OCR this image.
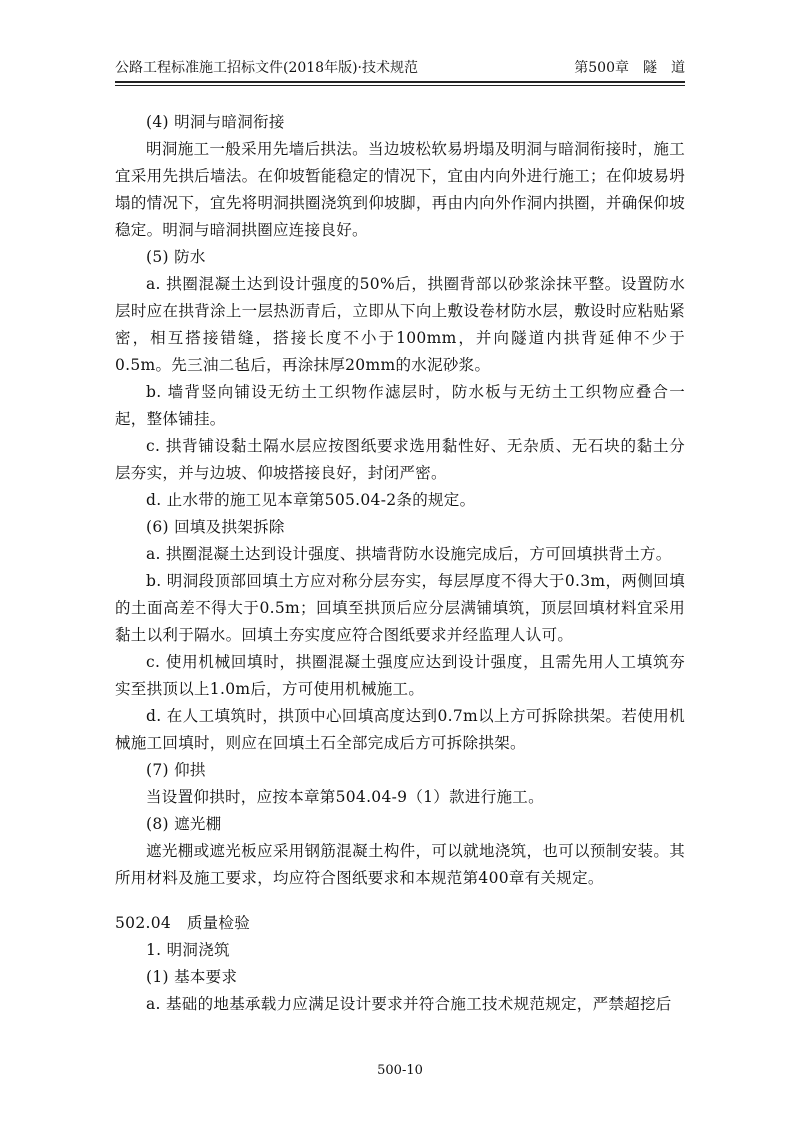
公路工程标准施工招标文件(2018年版)·技术规范	第500章　隧　道

(4) 明洞与暗洞衔接

明洞施工一般采用先墙后拱法。当边坡松软易坍塌及明洞与暗洞衔接时，施工宜采用先拱后墙法。在仰坡暂能稳定的情况下，宜由内向外进行施工；在仰坡易坍塌的情况下，宜先将明洞拱圈浇筑到仰坡脚，再由内向外作洞内拱圈，并确保仰坡稳定。明洞与暗洞拱圈应连接良好。

(5) 防水

a. 拱圈混凝土达到设计强度的50%后，拱圈背部以砂浆涂抹平整。设置防水层时应在拱背涂上一层热沥青后，立即从下向上敷设卷材防水层，敷设时应粘贴紧密，相互搭接错缝，搭接长度不小于100mm，并向隧道内拱背延伸不少于0.5m。先三油二毡后，再涂抹厚20mm的水泥砂浆。

b. 墙背竖向铺设无纺土工织物作滤层时，防水板与无纺土工织物应叠合一起，整体铺挂。

c. 拱背铺设黏土隔水层应按图纸要求选用黏性好、无杂质、无石块的黏土分层夯实，并与边坡、仰坡搭接良好，封闭严密。

d. 止水带的施工见本章第505.04-2条的规定。

(6) 回填及拱架拆除

a. 拱圈混凝土达到设计强度、拱墙背防水设施完成后，方可回填拱背土方。

b. 明洞段顶部回填土方应对称分层夯实，每层厚度不得大于0.3m，两侧回填的土面高差不得大于0.5m；回填至拱顶后应分层满铺填筑，顶层回填材料宜采用黏土以利于隔水。回填土夯实度应符合图纸要求并经监理人认可。

c. 使用机械回填时，拱圈混凝土强度应达到设计强度，且需先用人工填筑夯实至拱顶以上1.0m后，方可使用机械施工。

d. 在人工填筑时，拱顶中心回填高度达到0.7m以上方可拆除拱架。若使用机械施工回填时，则应在回填土石全部完成后方可拆除拱架。

(7) 仰拱

当设置仰拱时，应按本章第504.04-9（1）款进行施工。

(8) 遮光棚

遮光棚或遮光板应采用钢筋混凝土构件，可以就地浇筑，也可以预制安装。其所用材料及施工要求，均应符合图纸要求和本规范第400章有关规定。

502.04　质量检验

1. 明洞浇筑

(1) 基本要求

a. 基础的地基承载力应满足设计要求并符合施工技术规范规定，严禁超挖后

500-10
